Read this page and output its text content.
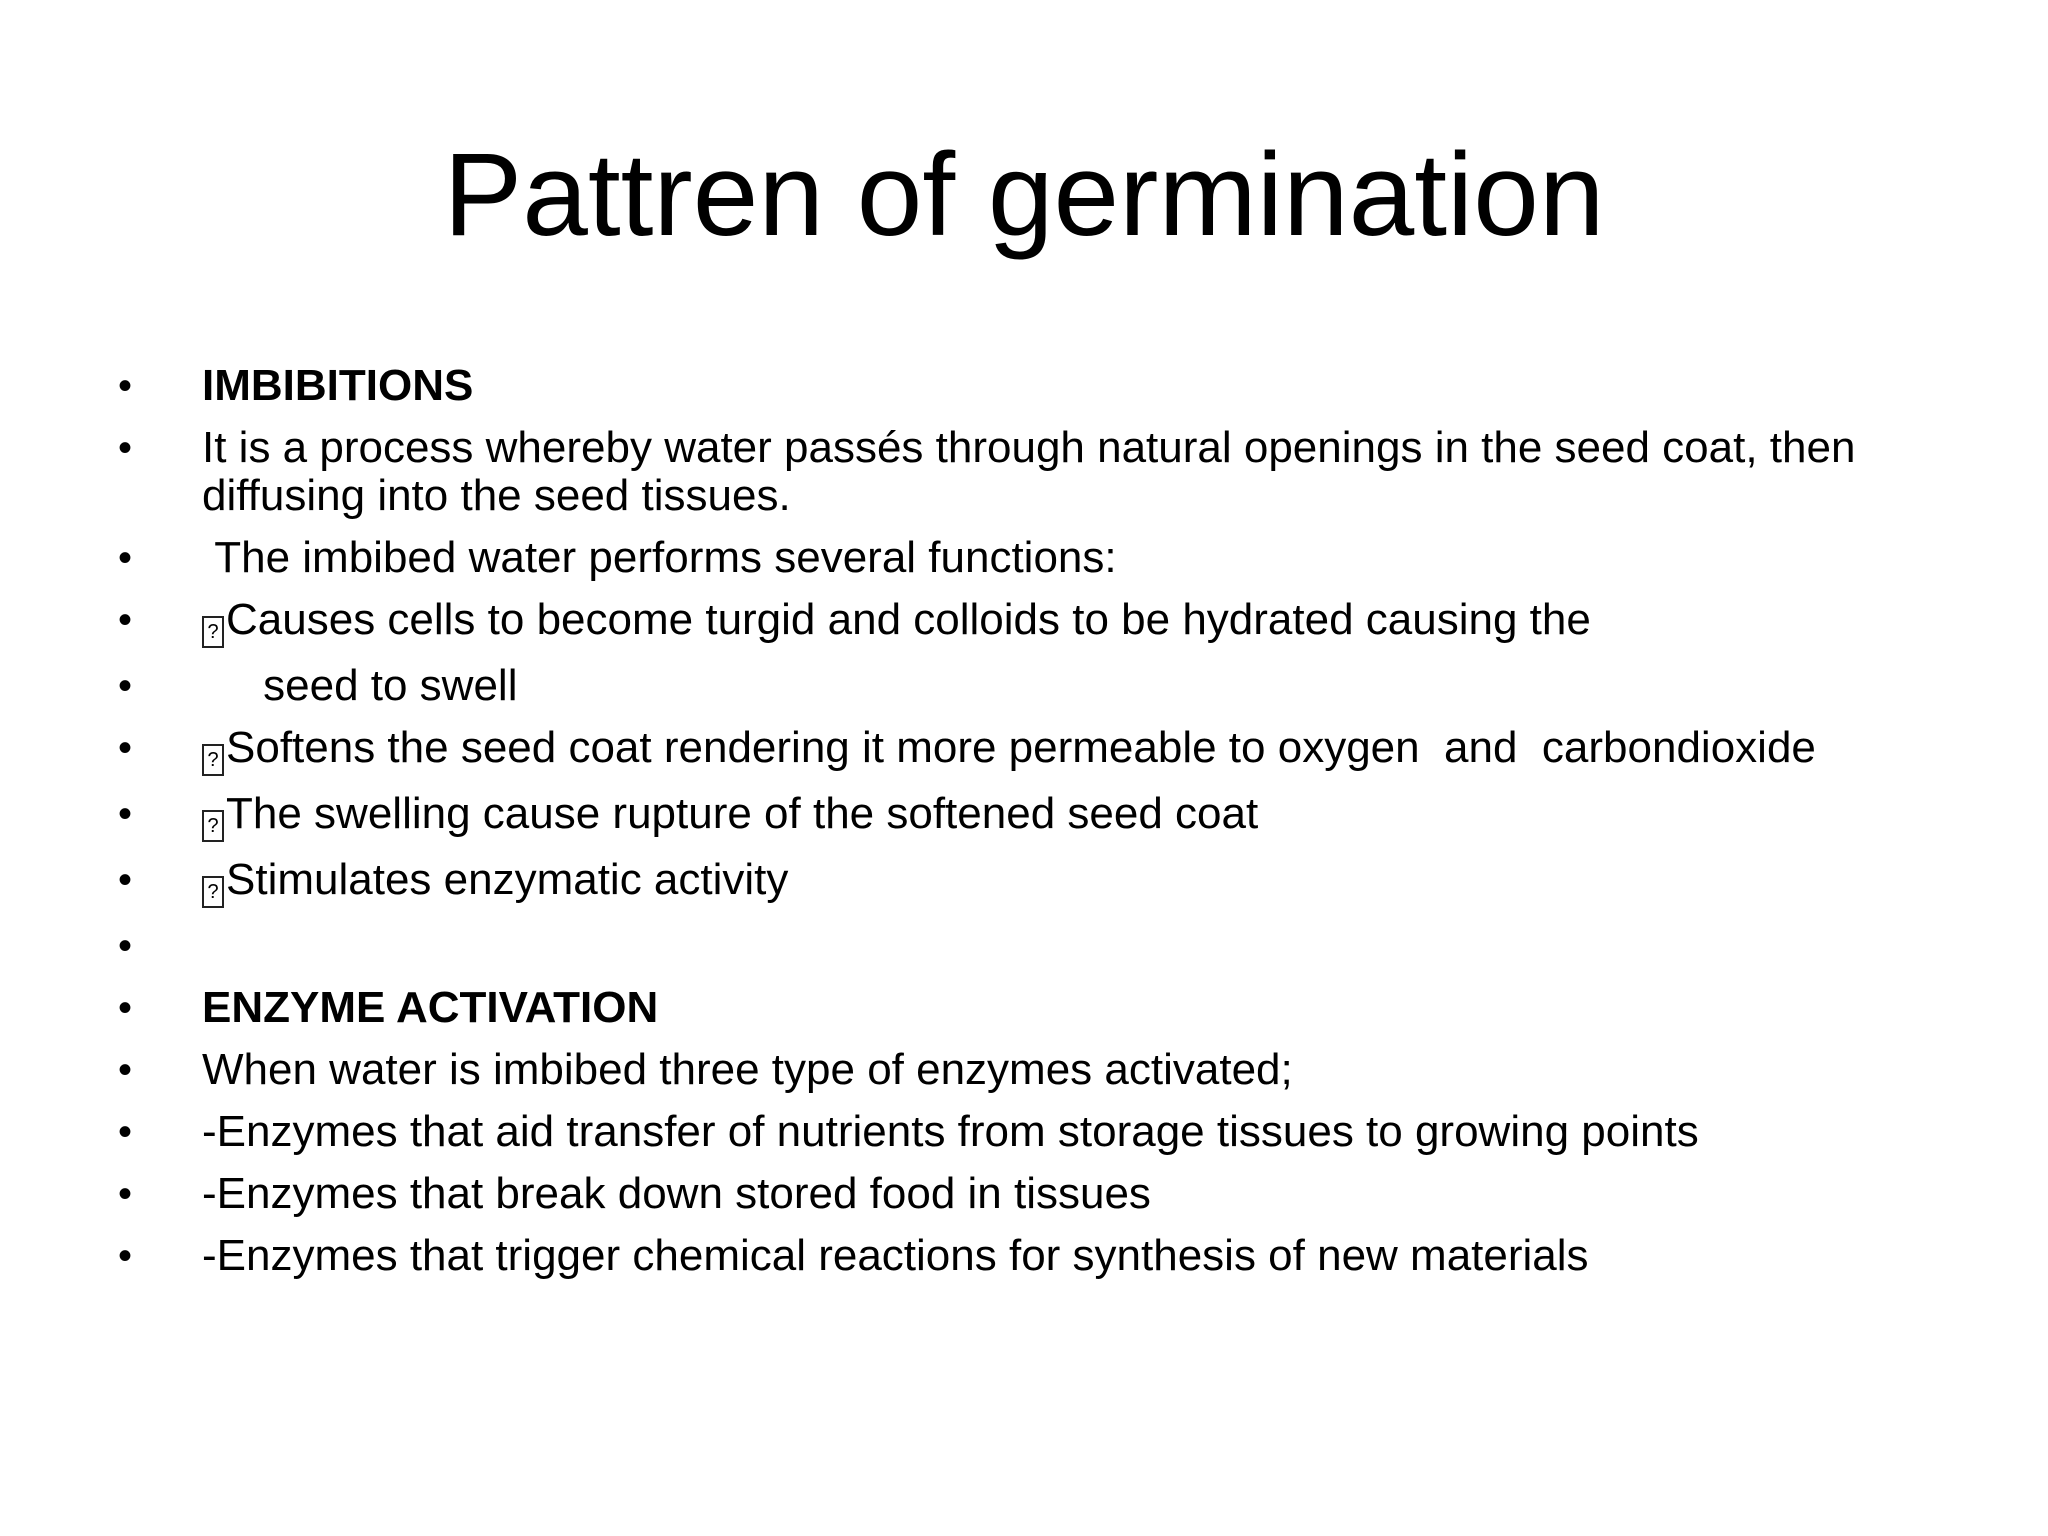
Pattren of germination
•	IMBIBITIONS
•	It is a process whereby water passés through natural openings in the seed coat, then diffusing into the seed tissues.
•	The imbibed water performs several functions:
•	? Causes cells to become turgid and colloids to be hydrated causing the
•	seed to swell
•	? Softens the seed coat rendering it more permeable to oxygen  and  carbondioxide
•	? The swelling cause rupture of the softened seed coat
•	? Stimulates enzymatic activity
•
•	ENZYME ACTIVATION
•	When water is imbibed three type of enzymes activated;
•	-Enzymes that aid transfer of nutrients from storage tissues to growing points
•	-Enzymes that break down stored food in tissues
•	-Enzymes that trigger chemical reactions for synthesis of new materials
